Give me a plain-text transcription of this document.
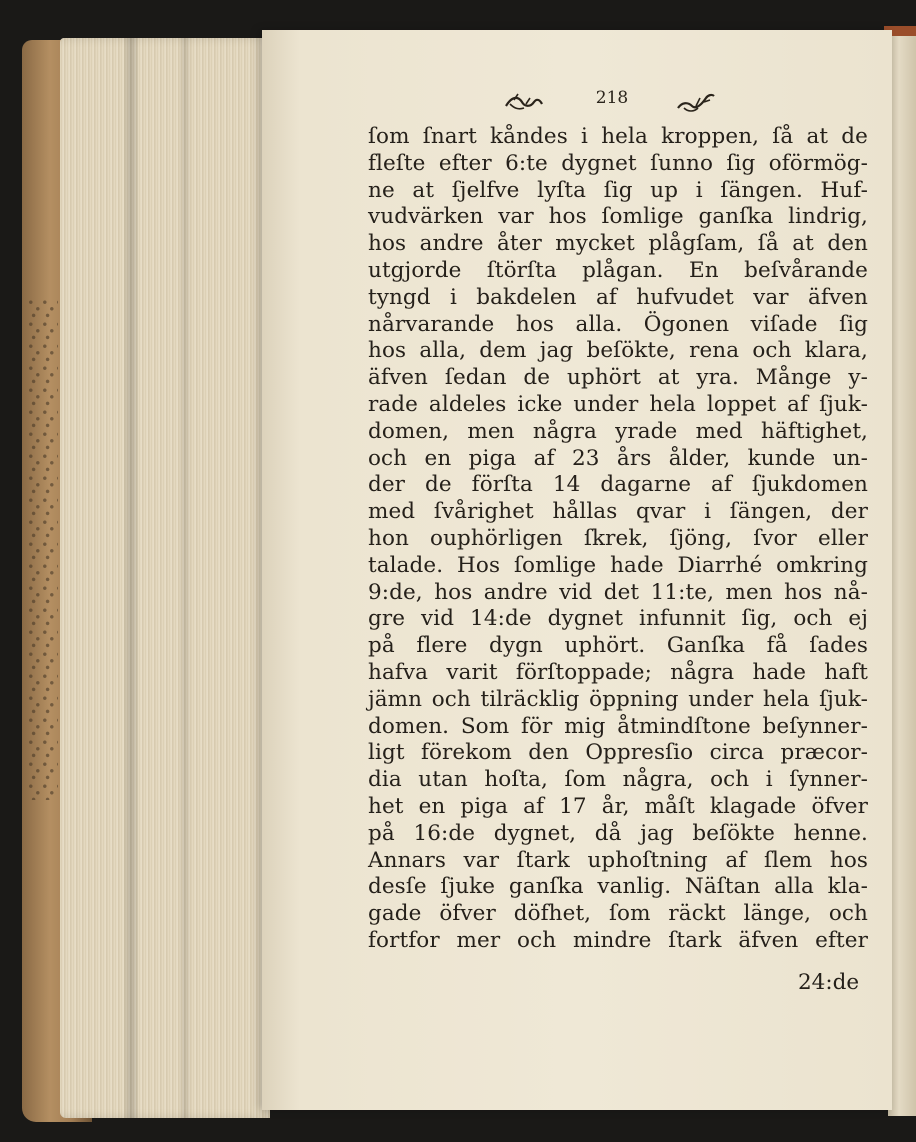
218
ſom ſnart kåndes i hela kroppen, ſå at de
fleſte efter 6:te dygnet ſunno ſig oförmög-
ne at ſjelfve lyſta ſig up i ſängen. Huf-
vudvärken var hos ſomlige ganſka lindrig,
hos andre åter mycket plågſam, ſå at den
utgjorde ſtörſta plågan. En beſvårande
tyngd i bakdelen af hufvudet var äfven
nårvarande hos alla. Ögonen viſade ſig
hos alla, dem jag beſökte, rena och klara,
äfven ſedan de uphört at yra. Månge y-
rade aldeles icke under hela loppet af ſjuk-
domen, men några yrade med häftighet,
och en piga af 23 års ålder, kunde un-
der de förſta 14 dagarne af ſjukdomen
med ſvårighet hållas qvar i ſängen, der
hon ouphörligen ſkrek, ſjöng, ſvor eller
talade. Hos ſomlige hade Diarrhé omkring
9:de, hos andre vid det 11:te, men hos nå-
gre vid 14:de dygnet infunnit ſig, och ej
på flere dygn uphört. Ganſka få ſades
hafva varit förſtoppade; några hade haft
jämn och tilräcklig öppning under hela ſjuk-
domen. Som för mig åtmindſtone beſynner-
ligt förekom den Oppresſio circa præcor-
dia utan hoſta, ſom några, och i ſynner-
het en piga af 17 år, måſt klagade öfver
på 16:de dygnet, då jag beſökte henne.
Annars var ſtark uphoſtning af ſlem hos
desſe ſjuke ganſka vanlig. Näſtan alla kla-
gade öfver döfhet, ſom räckt länge, och
fortfor mer och mindre ſtark äfven efter
24:de
